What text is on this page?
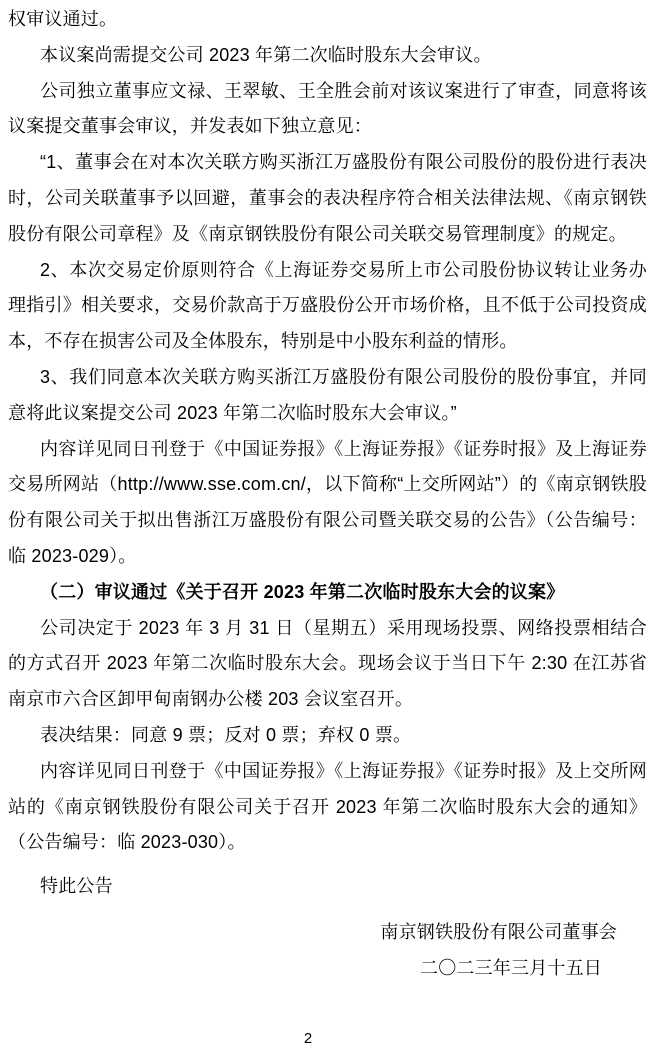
权审议通过。

本议案尚需提交公司 2023 年第二次临时股东大会审议。

公司独立董事应文禄、王翠敏、王全胜会前对该议案进行了审查，同意将该议案提交董事会审议，并发表如下独立意见：

“1、董事会在对本次关联方购买浙江万盛股份有限公司股份的股份进行表决时，公司关联董事予以回避，董事会的表决程序符合相关法律法规、《南京钢铁股份有限公司章程》及《南京钢铁股份有限公司关联交易管理制度》的规定。

2、本次交易定价原则符合《上海证券交易所上市公司股份协议转让业务办理指引》相关要求，交易价款高于万盛股份公开市场价格，且不低于公司投资成本，不存在损害公司及全体股东，特别是中小股东利益的情形。

3、我们同意本次关联方购买浙江万盛股份有限公司股份的股份事宜，并同意将此议案提交公司 2023 年第二次临时股东大会审议。”

内容详见同日刊登于《中国证券报》《上海证券报》《证券时报》及上海证券交易所网站（http://www.sse.com.cn/，以下简称“上交所网站”）的《南京钢铁股份有限公司关于拟出售浙江万盛股份有限公司暨关联交易的公告》（公告编号：临 2023-029）。

（二）审议通过《关于召开 2023 年第二次临时股东大会的议案》

公司决定于 2023 年 3 月 31 日（星期五）采用现场投票、网络投票相结合的方式召开 2023 年第二次临时股东大会。现场会议于当日下午 2:30 在江苏省南京市六合区卸甲甸南钢办公楼 203 会议室召开。

表决结果：同意 9 票；反对 0 票；弃权 0 票。

内容详见同日刊登于《中国证券报》《上海证券报》《证券时报》及上交所网站的《南京钢铁股份有限公司关于召开 2023 年第二次临时股东大会的通知》（公告编号：临 2023-030）。

特此公告

南京钢铁股份有限公司董事会

二〇二三年三月十五日

2
